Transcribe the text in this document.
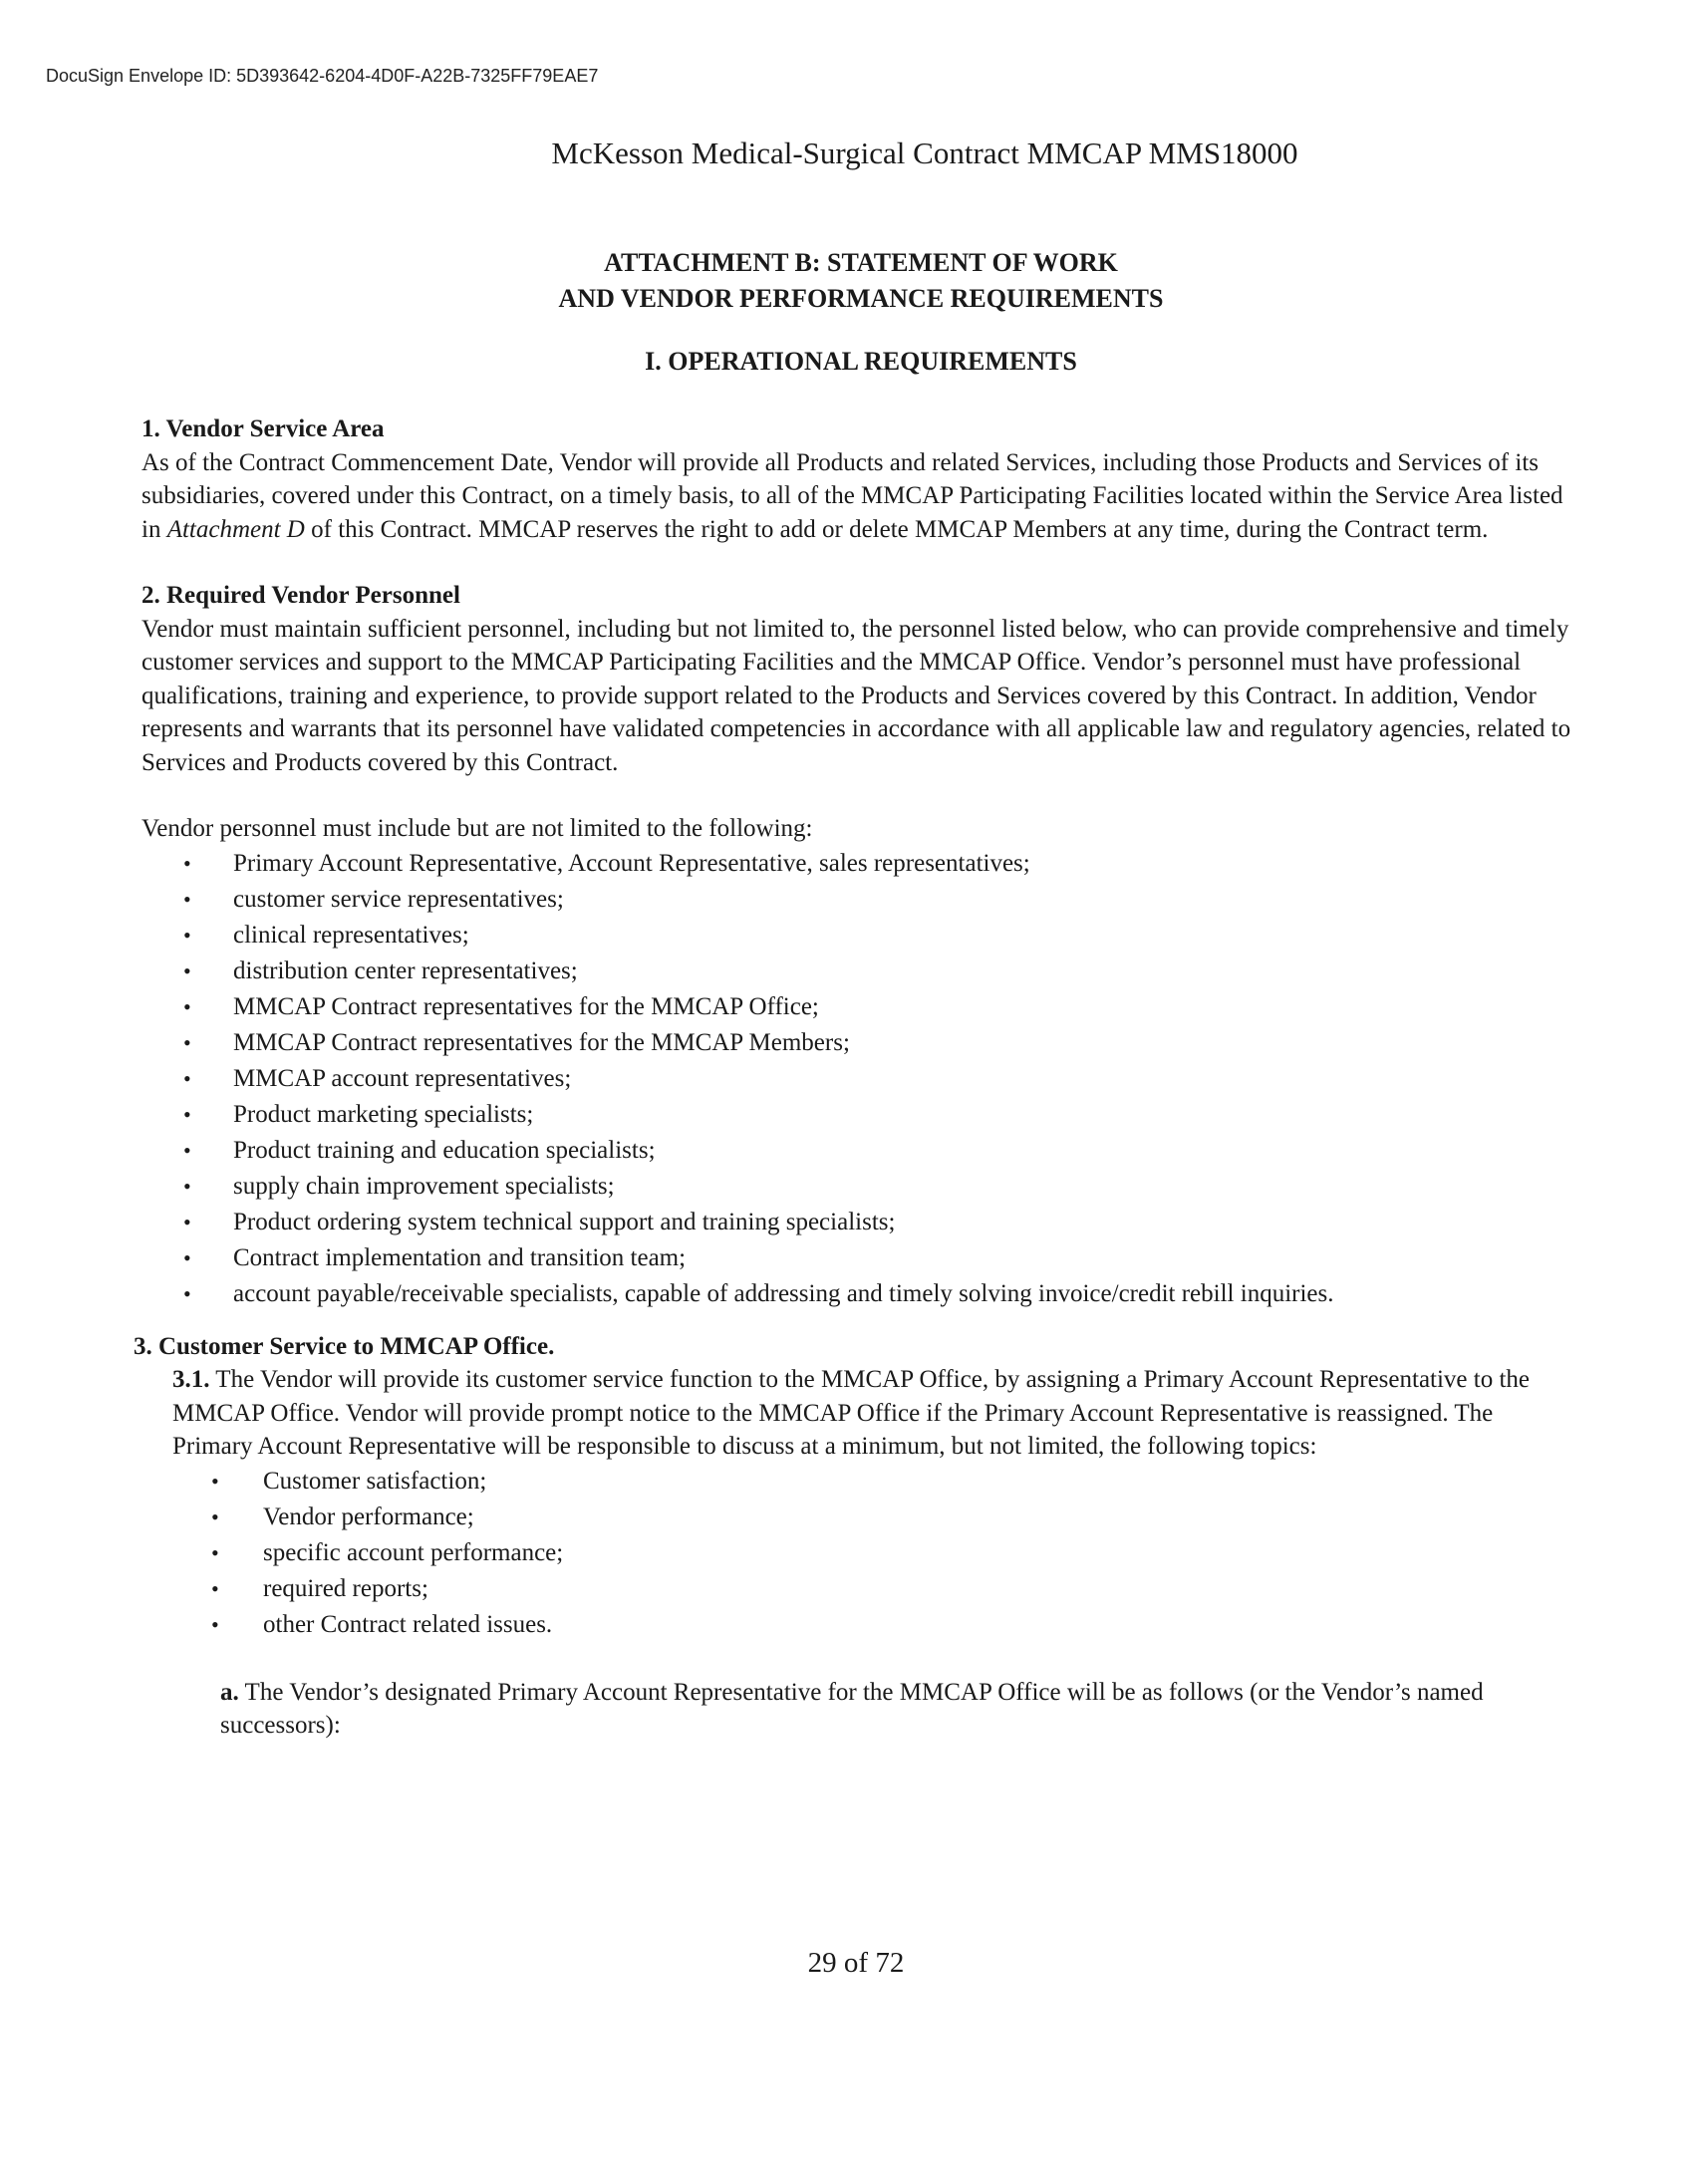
DocuSign Envelope ID: 5D393642-6204-4D0F-A22B-7325FF79EAE7
McKesson Medical-Surgical Contract MMCAP MMS18000
ATTACHMENT B: STATEMENT OF WORK
AND VENDOR PERFORMANCE REQUIREMENTS
I. OPERATIONAL REQUIREMENTS
1. Vendor Service Area

As of the Contract Commencement Date, Vendor will provide all Products and related Services, including those Products and Services of its subsidiaries, covered under this Contract, on a timely basis, to all of the MMCAP Participating Facilities located within the Service Area listed in Attachment D of this Contract. MMCAP reserves the right to add or delete MMCAP Members at any time, during the Contract term.

2. Required Vendor Personnel

Vendor must maintain sufficient personnel, including but not limited to, the personnel listed below, who can provide comprehensive and timely customer services and support to the MMCAP Participating Facilities and the MMCAP Office. Vendor’s personnel must have professional qualifications, training and experience, to provide support related to the Products and Services covered by this Contract. In addition, Vendor represents and warrants that its personnel have validated competencies in accordance with all applicable law and regulatory agencies, related to Services and Products covered by this Contract.

Vendor personnel must include but are not limited to the following:

• Primary Account Representative, Account Representative, sales representatives;
• customer service representatives;
• clinical representatives;
• distribution center representatives;
• MMCAP Contract representatives for the MMCAP Office;
• MMCAP Contract representatives for the MMCAP Members;
• MMCAP account representatives;
• Product marketing specialists;
• Product training and education specialists;
• supply chain improvement specialists;
• Product ordering system technical support and training specialists;
• Contract implementation and transition team;
• account payable/receivable specialists, capable of addressing and timely solving invoice/credit rebill inquiries.
3. Customer Service to MMCAP Office.

3.1. The Vendor will provide its customer service function to the MMCAP Office, by assigning a Primary Account Representative to the MMCAP Office. Vendor will provide prompt notice to the MMCAP Office if the Primary Account Representative is reassigned. The Primary Account Representative will be responsible to discuss at a minimum, but not limited, the following topics:

• Customer satisfaction;
• Vendor performance;
• specific account performance;
• required reports;
• other Contract related issues.

a. The Vendor’s designated Primary Account Representative for the MMCAP Office will be as follows (or the Vendor’s named successors):

29 of 72
